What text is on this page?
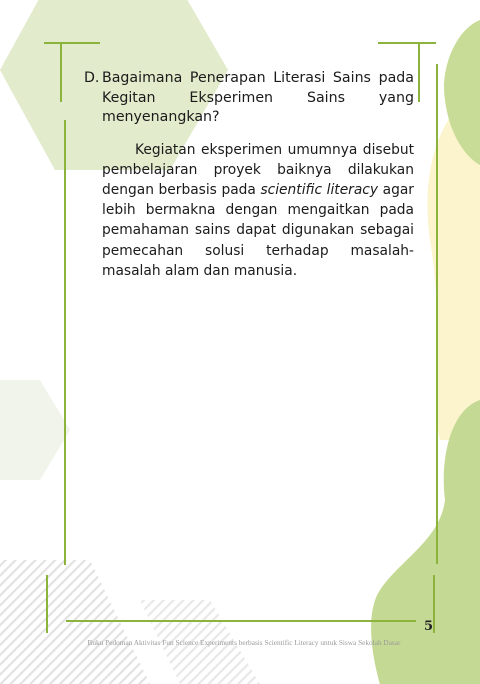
D. Bagaimana Penerapan Literasi Sains pada Kegitan Eksperimen Sains yang menyenangkan?

Kegiatan eksperimen umumnya disebut pembelajaran proyek baiknya dilakukan dengan berbasis pada scientific literacy agar lebih bermakna dengan mengaitkan pada pemahaman sains dapat digunakan sebagai pemecahan solusi terhadap masalah-masalah alam dan manusia.

5
Buku Pedoman Aktivitas Fun Science Experiments berbasis Scientific Literacy untuk Siswa Sekolah Dasar
